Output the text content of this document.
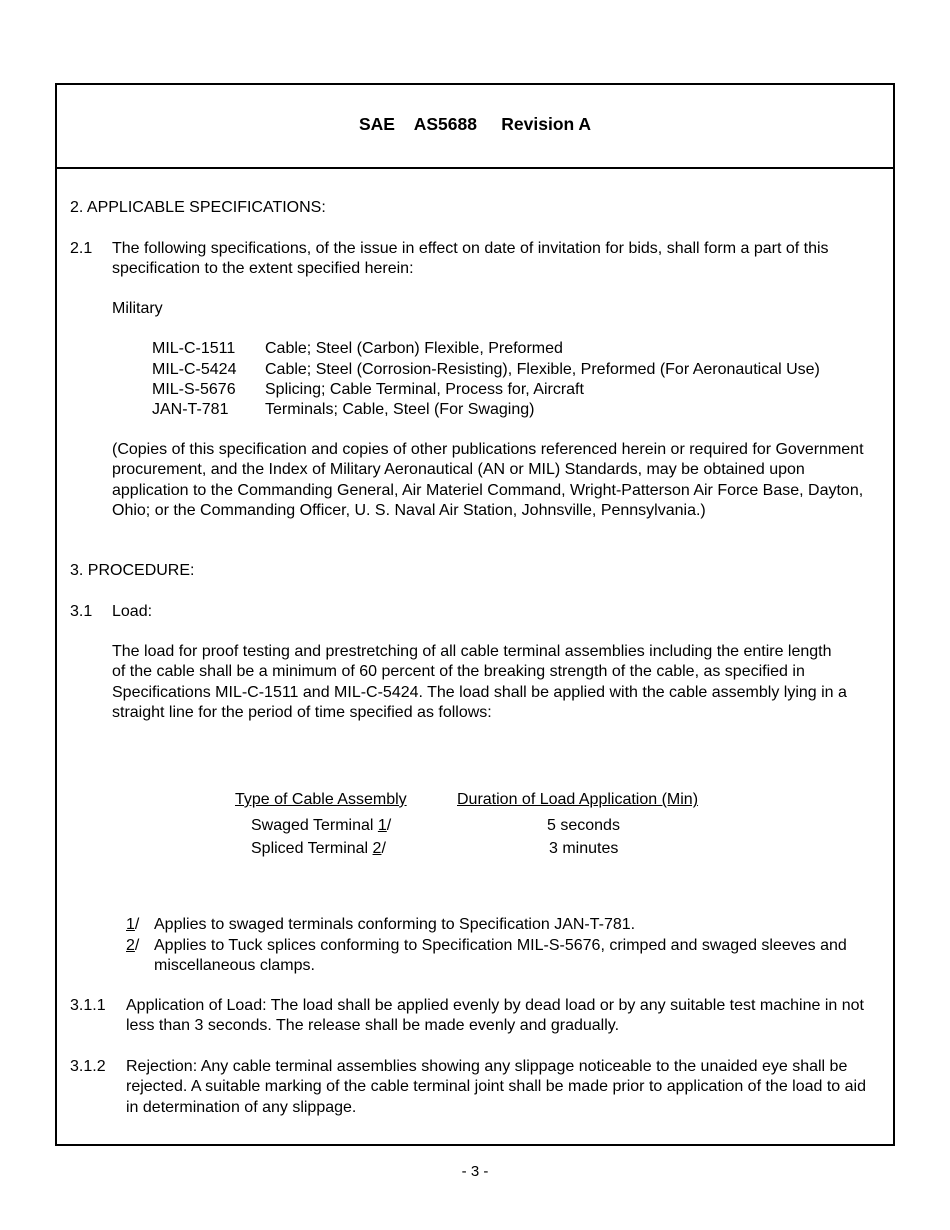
SAE    AS5688     Revision A
2. APPLICABLE SPECIFICATIONS:
2.1 The following specifications, of the issue in effect on date of invitation for bids, shall form a part of this specification to the extent specified herein:
Military
MIL-C-1511 Cable; Steel (Carbon) Flexible, Preformed
MIL-C-5424 Cable; Steel (Corrosion-Resisting), Flexible, Preformed (For Aeronautical Use)
MIL-S-5676 Splicing; Cable Terminal, Process for, Aircraft
JAN-T-781 Terminals; Cable, Steel (For Swaging)
(Copies of this specification and copies of other publications referenced herein or required for Government procurement, and the Index of Military Aeronautical (AN or MIL) Standards, may be obtained upon application to the Commanding General, Air Materiel Command, Wright-Patterson Air Force Base, Dayton, Ohio; or the Commanding Officer, U. S. Naval Air Station, Johnsville, Pennsylvania.)
3. PROCEDURE:
3.1 Load:
The load for proof testing and prestretching of all cable terminal assemblies including the entire length of the cable shall be a minimum of 60 percent of the breaking strength of the cable, as specified in Specifications MIL-C-1511 and MIL-C-5424. The load shall be applied with the cable assembly lying in a straight line for the period of time specified as follows:
Type of Cable Assembly	Duration of Load Application (Min)
Swaged Terminal 1/	5 seconds
Spliced Terminal 2/	3 minutes
1/ Applies to swaged terminals conforming to Specification JAN-T-781.
2/ Applies to Tuck splices conforming to Specification MIL-S-5676, crimped and swaged sleeves and miscellaneous clamps.
3.1.1 Application of Load: The load shall be applied evenly by dead load or by any suitable test machine in not less than 3 seconds. The release shall be made evenly and gradually.
3.1.2 Rejection: Any cable terminal assemblies showing any slippage noticeable to the unaided eye shall be rejected. A suitable marking of the cable terminal joint shall be made prior to application of the load to aid in determination of any slippage.
- 3 -
